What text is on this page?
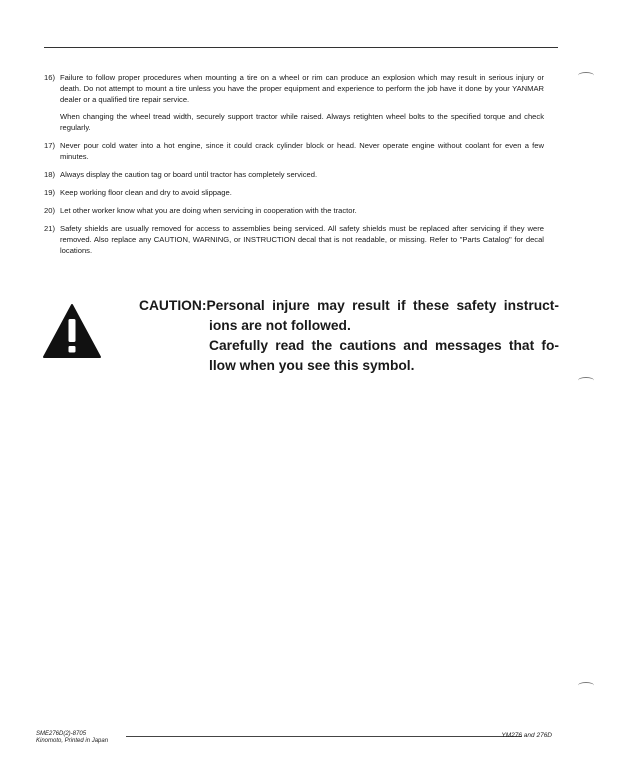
16) Failure to follow proper procedures when mounting a tire on a wheel or rim can produce an explosion which may result in serious injury or death. Do not attempt to mount a tire unless you have the proper equipment and experience to perform the job have it done by your YANMAR dealer or a qualified tire repair service.

When changing the wheel tread width, securely support tractor while raised. Always retighten wheel bolts to the specified torque and check regularly.

17) Never pour cold water into a hot engine, since it could crack cylinder block or head. Never operate engine without coolant for even a few minutes.

18) Always display the caution tag or board until tractor has completely serviced.

19) Keep working floor clean and dry to avoid slippage.

20) Let other worker know what you are doing when servicing in cooperation with the tractor.

21) Safety shields are usually removed for access to assemblies being serviced. All safety shields must be replaced after servicing if they were removed. Also replace any CAUTION, WARNING, or INSTRUCTION decal that is not readable, or missing. Refer to "Parts Catalog" for decal locations.

CAUTION:Personal injure may result if these safety instruct-
ions are not followed.
Carefully read the cautions and messages that fo-
llow when you see this symbol.
SME276D(2)-8705
Kinomoto, Printed in Japan
YM276 and 276D
